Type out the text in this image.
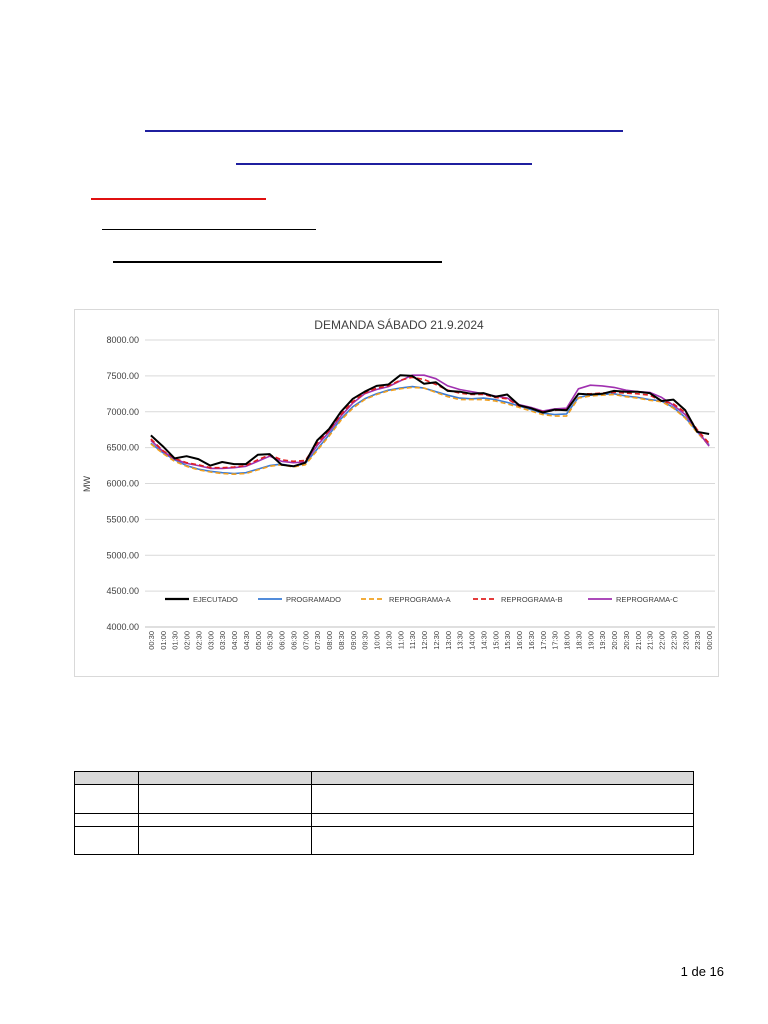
DEMANDA SÁBADO 21.9.2024
MW
8000.00
7500.00
7000.00
6500.00
6000.00
5500.00
5000.00
4500.00
4000.00
00:30 01:00 01:30 02:00 02:30 03:00 03:30 04:00 04:30 05:00 05:30 06:00 06:30 07:00 07:30 08:00 08:30 09:00 09:30 10:00 10:30 11:00 11:30 12:00 12:30 13:00 13:30 14:00 14:30 15:00 15:30 16:00 16:30 17:00 17:30 18:00 18:30 19:00 19:30 20:00 20:30 21:00 21:30 22:00 22:30 23:00 23:30 00:00
EJECUTADO	PROGRAMADO	REPROGRAMA-A	REPROGRAMA-B	REPROGRAMA-C

1 de 16
